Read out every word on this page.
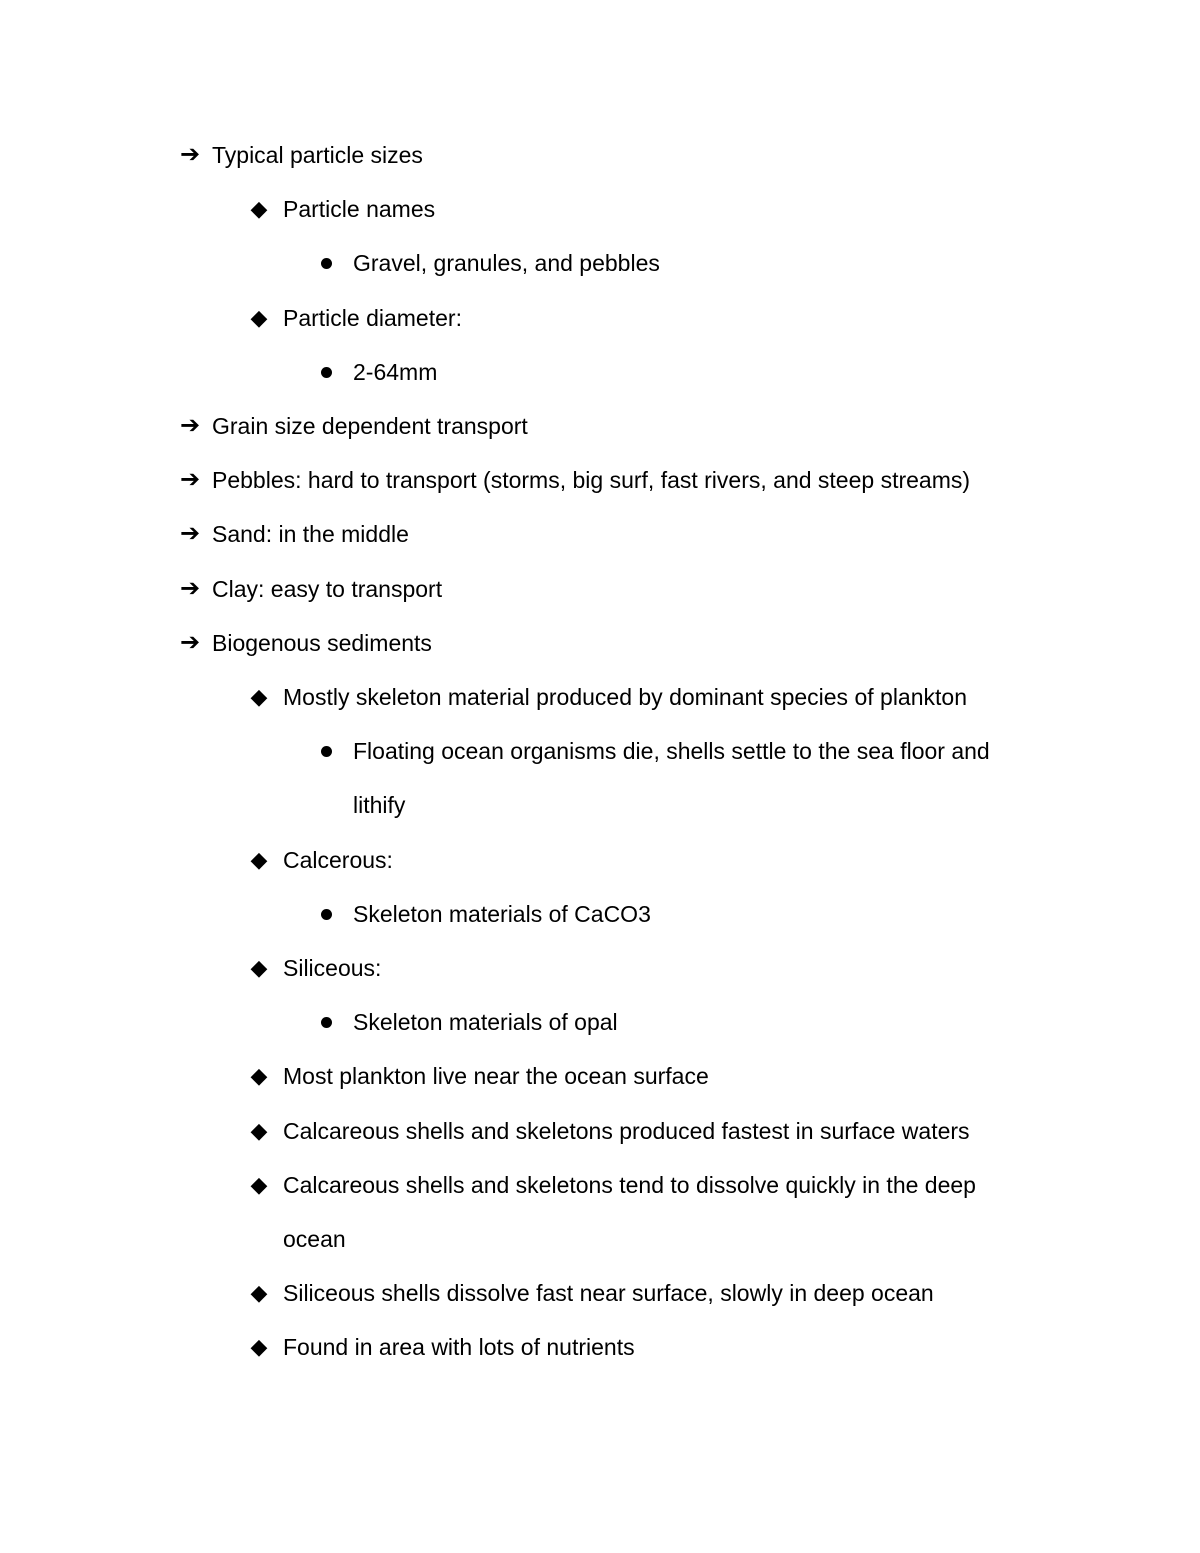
➔ Typical particle sizes
◆ Particle names
Gravel, granules, and pebbles
◆ Particle diameter:
2-64mm
➔ Grain size dependent transport
➔ Pebbles: hard to transport (storms, big surf, fast rivers, and steep streams)
➔ Sand: in the middle
➔ Clay: easy to transport
➔ Biogenous sediments
◆ Mostly skeleton material produced by dominant species of plankton
Floating ocean organisms die, shells settle to the sea floor and
lithify
◆ Calcerous:
Skeleton materials of CaCO3
◆ Siliceous:
Skeleton materials of opal
◆ Most plankton live near the ocean surface
◆ Calcareous shells and skeletons produced fastest in surface waters
◆ Calcareous shells and skeletons tend to dissolve quickly in the deep
ocean
◆ Siliceous shells dissolve fast near surface, slowly in deep ocean
◆ Found in area with lots of nutrients
